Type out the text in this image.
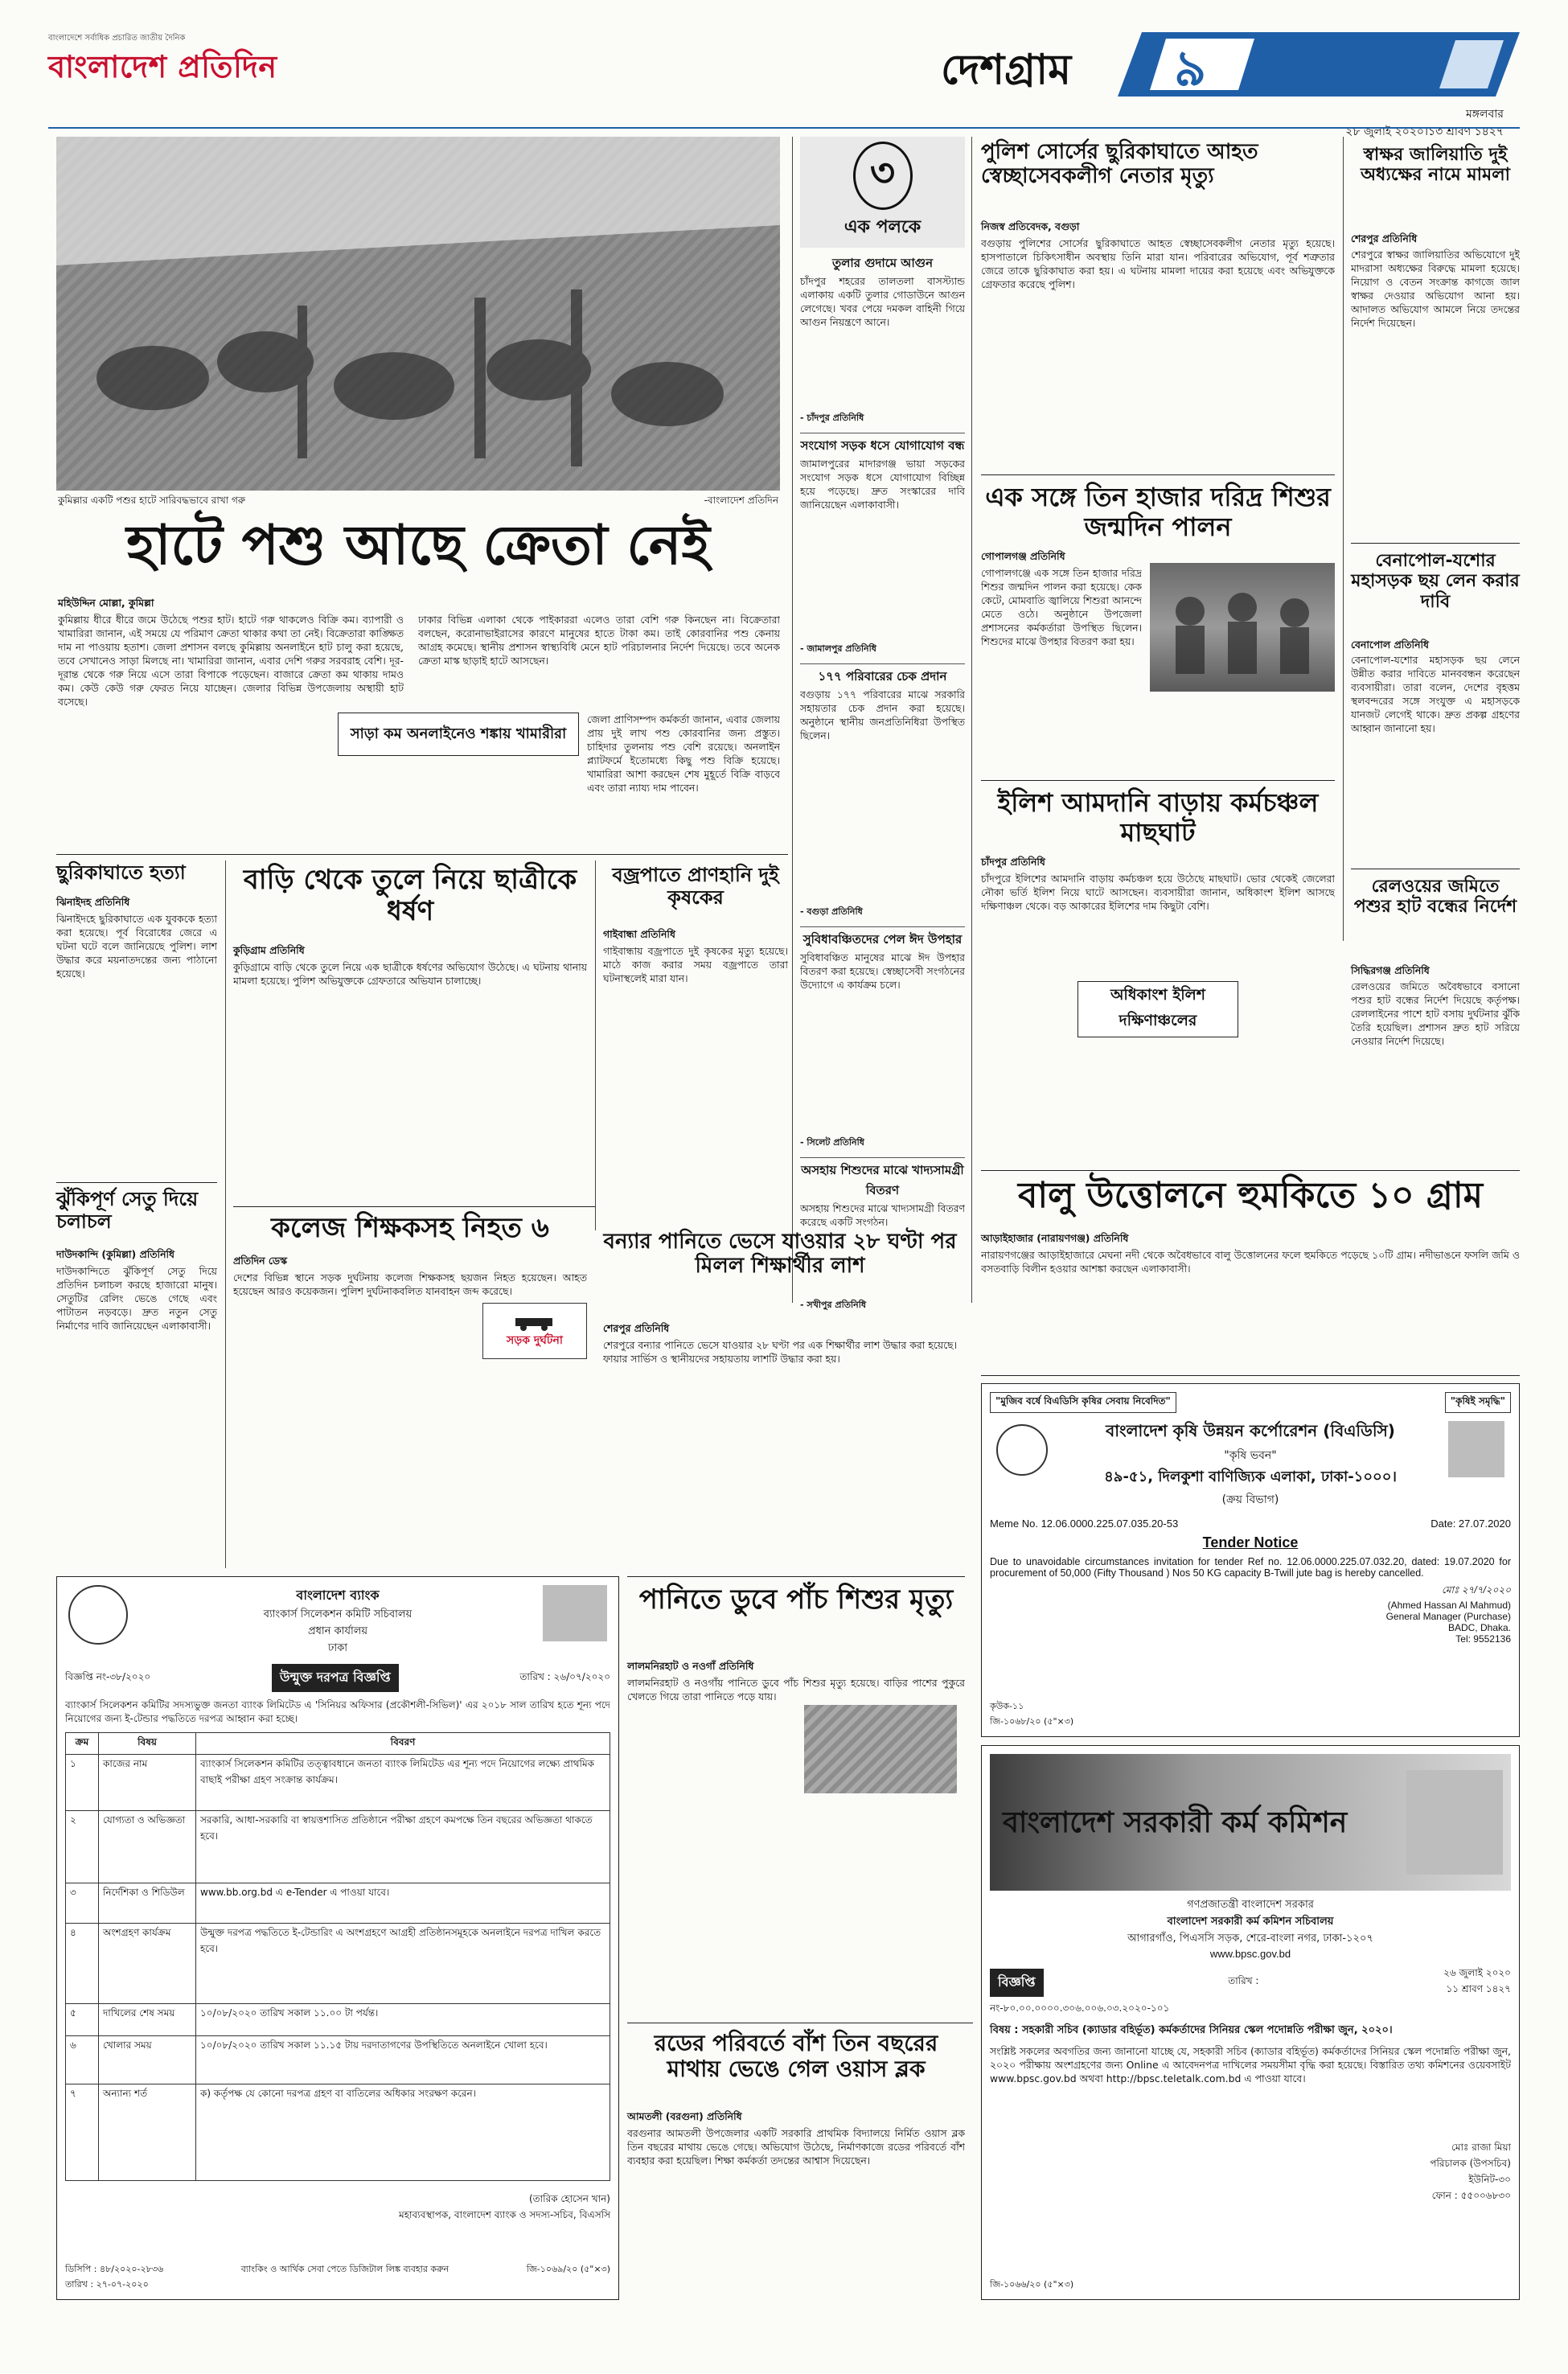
বাংলাদেশে সর্বাধিক প্রচারিত জাতীয় দৈনিক
বাংলাদেশ প্রতিদিন	দেশগ্রাম ৯
মঙ্গলবার
২৮ জুলাই ২০২০।১৩ শ্রাবণ ১৪২৭
কুমিল্লার একটি পশুর হাটে সারিবদ্ধভাবে রাখা গরু	-বাংলাদেশ প্রতিদিন
হাটে পশু আছে ক্রেতা নেই
মহিউদ্দিন মোল্লা, কুমিল্লা
কুমিল্লায় ধীরে ধীরে জমে উঠেছে পশুর হাট। হাটে গরু থাকলেও বিক্রি কম। ব্যাপারী ও খামারিরা জানান, এই সময়ে যে পরিমাণ ক্রেতা থাকার কথা তা নেই। বিক্রেতারা কাঙ্ক্ষিত দাম না পাওয়ায় হতাশ। জেলা প্রশাসন বলছে কুমিল্লায় অনলাইনে হাট চালু করা হয়েছে, তবে সেখানেও সাড়া মিলছে না। খামারিরা জানান, এবার দেশি গরুর সরবরাহ বেশি। দূর-দূরান্ত থেকে গরু নিয়ে এসে তারা বিপাকে পড়েছেন। বাজারে ক্রেতা কম থাকায় দামও কম। কেউ কেউ গরু ফেরত নিয়ে যাচ্ছেন। জেলার বিভিন্ন উপজেলায় অস্থায়ী হাট বসেছে।
ঢাকার বিভিন্ন এলাকা থেকে পাইকাররা এলেও তারা বেশি গরু কিনছেন না। বিক্রেতারা বলছেন, করোনাভাইরাসের কারণে মানুষের হাতে টাকা কম। তাই কোরবানির পশু কেনায় আগ্রহ কমেছে। স্থানীয় প্রশাসন স্বাস্থ্যবিধি মেনে হাট পরিচালনার নির্দেশ দিয়েছে। তবে অনেক ক্রেতা মাস্ক ছাড়াই হাটে আসছেন।
সাড়া কম অনলাইনেও শঙ্কায় খামারীরা
জেলা প্রাণিসম্পদ কর্মকর্তা জানান, এবার জেলায় প্রায় দুই লাখ পশু কোরবানির জন্য প্রস্তুত। চাহিদার তুলনায় পশু বেশি রয়েছে। অনলাইন প্ল্যাটফর্মে ইতোমধ্যে কিছু পশু বিক্রি হয়েছে। খামারিরা আশা করছেন শেষ মুহূর্তে বিক্রি বাড়বে এবং তারা ন্যায্য দাম পাবেন।
৩
এক পলকে
তুলার গুদামে আগুন
চাঁদপুর শহরের তালতলা বাসস্ট্যান্ড এলাকায় একটি তুলার গোডাউনে আগুন লেগেছে। খবর পেয়ে দমকল বাহিনী গিয়ে আগুন নিয়ন্ত্রণে আনে।
- চাঁদপুর প্রতিনিধি
সংযোগ সড়ক ধসে যোগাযোগ বন্ধ
জামালপুরের মাদারগঞ্জ ভায়া সড়কের সংযোগ সড়ক ধসে যোগাযোগ বিচ্ছিন্ন হয়ে পড়েছে। দ্রুত সংস্কারের দাবি জানিয়েছেন এলাকাবাসী।
- জামালপুর প্রতিনিধি
১৭৭ পরিবারের চেক প্রদান
বগুড়ায় ১৭৭ পরিবারের মাঝে সরকারি সহায়তার চেক প্রদান করা হয়েছে। অনুষ্ঠানে স্থানীয় জনপ্রতিনিধিরা উপস্থিত ছিলেন।
- বগুড়া প্রতিনিধি
সুবিধাবঞ্চিতদের পেল ঈদ উপহার
সুবিধাবঞ্চিত মানুষের মাঝে ঈদ উপহার বিতরণ করা হয়েছে। স্বেচ্ছাসেবী সংগঠনের উদ্যোগে এ কার্যক্রম চলে।
- সিলেট প্রতিনিধি
অসহায় শিশুদের মাঝে খাদ্যসামগ্রী বিতরণ
অসহায় শিশুদের মাঝে খাদ্যসামগ্রী বিতরণ করেছে একটি সংগঠন।
- সখীপুর প্রতিনিধি
পুলিশ সোর্সের ছুরিকাঘাতে আহত স্বেচ্ছাসেবকলীগ নেতার মৃত্যু
নিজস্ব প্রতিবেদক, বগুড়া
বগুড়ায় পুলিশের সোর্সের ছুরিকাঘাতে আহত স্বেচ্ছাসেবকলীগ নেতার মৃত্যু হয়েছে। হাসপাতালে চিকিৎসাধীন অবস্থায় তিনি মারা যান। পরিবারের অভিযোগ, পূর্ব শত্রুতার জেরে তাকে ছুরিকাঘাত করা হয়। এ ঘটনায় মামলা দায়ের করা হয়েছে এবং অভিযুক্তকে গ্রেফতার করেছে পুলিশ।
স্বাক্ষর জালিয়াতি দুই অধ্যক্ষের নামে মামলা
শেরপুর প্রতিনিধি
শেরপুরে স্বাক্ষর জালিয়াতির অভিযোগে দুই মাদরাসা অধ্যক্ষের বিরুদ্ধে মামলা হয়েছে। নিয়োগ ও বেতন সংক্রান্ত কাগজে জাল স্বাক্ষর দেওয়ার অভিযোগ আনা হয়। আদালত অভিযোগ আমলে নিয়ে তদন্তের নির্দেশ দিয়েছেন।
বেনাপোল-যশোর মহাসড়ক ছয় লেন করার দাবি
বেনাপোল প্রতিনিধি
বেনাপোল-যশোর মহাসড়ক ছয় লেনে উন্নীত করার দাবিতে মানববন্ধন করেছেন ব্যবসায়ীরা। তারা বলেন, দেশের বৃহত্তম স্থলবন্দরের সঙ্গে সংযুক্ত এ মহাসড়কে যানজট লেগেই থাকে। দ্রুত প্রকল্প গ্রহণের আহ্বান জানানো হয়।
এক সঙ্গে তিন হাজার দরিদ্র শিশুর জন্মদিন পালন
গোপালগঞ্জ প্রতিনিধি
গোপালগঞ্জে এক সঙ্গে তিন হাজার দরিদ্র শিশুর জন্মদিন পালন করা হয়েছে। কেক কেটে, মোমবাতি জ্বালিয়ে শিশুরা আনন্দে মেতে ওঠে। অনুষ্ঠানে উপজেলা প্রশাসনের কর্মকর্তারা উপস্থিত ছিলেন। শিশুদের মাঝে উপহার বিতরণ করা হয়।
রেলওয়ের জমিতে পশুর হাট বন্ধের নির্দেশ
সিদ্ধিরগঞ্জ প্রতিনিধি
রেলওয়ের জমিতে অবৈধভাবে বসানো পশুর হাট বন্ধের নির্দেশ দিয়েছে কর্তৃপক্ষ। রেললাইনের পাশে হাট বসায় দুর্ঘটনার ঝুঁকি তৈরি হয়েছিল। প্রশাসন দ্রুত হাট সরিয়ে নেওয়ার নির্দেশ দিয়েছে।
ইলিশ আমদানি বাড়ায় কর্মচঞ্চল মাছঘাট
চাঁদপুর প্রতিনিধি
চাঁদপুরে ইলিশের আমদানি বাড়ায় কর্মচঞ্চল হয়ে উঠেছে মাছঘাট। ভোর থেকেই জেলেরা নৌকা ভর্তি ইলিশ নিয়ে ঘাটে আসছেন। ব্যবসায়ীরা জানান, অধিকাংশ ইলিশ আসছে দক্ষিণাঞ্চল থেকে। বড় আকারের ইলিশের দাম কিছুটা বেশি।
অধিকাংশ ইলিশ দক্ষিণাঞ্চলের
বালু উত্তোলনে হুমকিতে ১০ গ্রাম
আড়াইহাজার (নারায়ণগঞ্জ) প্রতিনিধি
নারায়ণগঞ্জের আড়াইহাজারে মেঘনা নদী থেকে অবৈধভাবে বালু উত্তোলনের ফলে হুমকিতে পড়েছে ১০টি গ্রাম। নদীভাঙনে ফসলি জমি ও বসতবাড়ি বিলীন হওয়ার আশঙ্কা করছেন এলাকাবাসী।
ছুরিকাঘাতে হত্যা
ঝিনাইদহ প্রতিনিধি
ঝিনাইদহে ছুরিকাঘাতে এক যুবককে হত্যা করা হয়েছে। পূর্ব বিরোধের জেরে এ ঘটনা ঘটে বলে জানিয়েছে পুলিশ। লাশ উদ্ধার করে ময়নাতদন্তের জন্য পাঠানো হয়েছে।
ঝুঁকিপূর্ণ সেতু দিয়ে চলাচল
দাউদকান্দি (কুমিল্লা) প্রতিনিধি
দাউদকান্দিতে ঝুঁকিপূর্ণ সেতু দিয়ে প্রতিদিন চলাচল করছে হাজারো মানুষ। সেতুটির রেলিং ভেঙে গেছে এবং পাটাতন নড়বড়ে। দ্রুত নতুন সেতু নির্মাণের দাবি জানিয়েছেন এলাকাবাসী।
বাড়ি থেকে তুলে নিয়ে ছাত্রীকে ধর্ষণ
কুড়িগ্রাম প্রতিনিধি
কুড়িগ্রামে বাড়ি থেকে তুলে নিয়ে এক ছাত্রীকে ধর্ষণের অভিযোগ উঠেছে। এ ঘটনায় থানায় মামলা হয়েছে। পুলিশ অভিযুক্তকে গ্রেফতারে অভিযান চালাচ্ছে।
বজ্রপাতে প্রাণহানি দুই কৃষকের
গাইবান্ধা প্রতিনিধি
গাইবান্ধায় বজ্রপাতে দুই কৃষকের মৃত্যু হয়েছে। মাঠে কাজ করার সময় বজ্রপাতে তারা ঘটনাস্থলেই মারা যান।
কলেজ শিক্ষকসহ নিহত ৬
প্রতিদিন ডেস্ক
দেশের বিভিন্ন স্থানে সড়ক দুর্ঘটনায় কলেজ শিক্ষকসহ ছয়জন নিহত হয়েছেন। আহত হয়েছেন আরও কয়েকজন। পুলিশ দুর্ঘটনাকবলিত যানবাহন জব্দ করেছে।
সড়ক দুর্ঘটনা
বন্যার পানিতে ভেসে যাওয়ার ২৮ ঘণ্টা পর মিলল শিক্ষার্থীর লাশ
শেরপুর প্রতিনিধি
শেরপুরে বন্যার পানিতে ভেসে যাওয়ার ২৮ ঘণ্টা পর এক শিক্ষার্থীর লাশ উদ্ধার করা হয়েছে। ফায়ার সার্ভিস ও স্থানীয়দের সহায়তায় লাশটি উদ্ধার করা হয়।
বাংলাদেশ ব্যাংক
ব্যাংকার্স সিলেকশন কমিটি সচিবালয়
প্রধান কার্যালয়
ঢাকা
বিজ্ঞপ্তি নং-৩৮/২০২০	উন্মুক্ত দরপত্র বিজ্ঞপ্তি	তারিখ : ২৬/০৭/২০২০
ব্যাংকার্স সিলেকশন কমিটির সদস্যভুক্ত জনতা ব্যাংক লিমিটেড এ 'সিনিয়র অফিসার (প্রকৌশলী-সিভিল)' এর ২০১৮ সাল তারিখ হতে শূন্য পদে নিয়োগের জন্য ই-টেন্ডার পদ্ধতিতে দরপত্র আহ্বান করা হচ্ছে।
ক্রম	বিষয়	বিবরণ
১	কাজের নাম	ব্যাংকার্স সিলেকশন কমিটির তত্ত্বাবধানে জনতা ব্যাংক লিমিটেড এর শূন্য পদে নিয়োগের লক্ষ্যে প্রাথমিক বাছাই পরীক্ষা গ্রহণ সংক্রান্ত কার্যক্রম।
২	যোগ্যতা ও অভিজ্ঞতা	সরকারি, আধা-সরকারি বা স্বায়ত্তশাসিত প্রতিষ্ঠানে পরীক্ষা গ্রহণে কমপক্ষে তিন বছরের অভিজ্ঞতা থাকতে হবে।
৩	নির্দেশিকা ও শিডিউল	www.bb.org.bd এ e-Tender এ পাওয়া যাবে।
৪	অংশগ্রহণ কার্যক্রম	উন্মুক্ত দরপত্র পদ্ধতিতে ই-টেন্ডারিং এ অংশগ্রহণে আগ্রহী প্রতিষ্ঠানসমূহকে অনলাইনে দরপত্র দাখিল করতে হবে।
৫	দাখিলের শেষ সময়	১০/০৮/২০২০ তারিখ সকাল ১১.০০ টা পর্যন্ত।
৬	খোলার সময়	১০/০৮/২০২০ তারিখ সকাল ১১.১৫ টায় দরদাতাগণের উপস্থিতিতে অনলাইনে খোলা হবে।
৭	অন্যান্য শর্ত	ক) কর্তৃপক্ষ যে কোনো দরপত্র গ্রহণ বা বাতিলের অধিকার সংরক্ষণ করেন।
(তারিক হোসেন খান)
মহাব্যবস্থাপক, বাংলাদেশ ব্যাংক ও সদস্য-সচিব, বিএসসি
ডিসিপি : ৪৮/২০২০-২৮৩৬
তারিখ : ২৭-০৭-২০২০
ব্যাংকিং ও আর্থিক সেবা পেতে ডিজিটাল লিঙ্ক ব্যবহার করুন	জি-১০৬৯/২০ (৫"×৩)
পানিতে ডুবে পাঁচ শিশুর মৃত্যু
লালমনিরহাট ও নওগাঁ প্রতিনিধি
লালমনিরহাট ও নওগাঁয় পানিতে ডুবে পাঁচ শিশুর মৃত্যু হয়েছে। বাড়ির পাশের পুকুরে খেলতে গিয়ে তারা পানিতে পড়ে যায়।
রডের পরিবর্তে বাঁশ তিন বছরের মাথায় ভেঙে গেল ওয়াস ব্লক
আমতলী (বরগুনা) প্রতিনিধি
বরগুনার আমতলী উপজেলার একটি সরকারি প্রাথমিক বিদ্যালয়ে নির্মিত ওয়াস ব্লক তিন বছরের মাথায় ভেঙে গেছে। অভিযোগ উঠেছে, নির্মাণকাজে রডের পরিবর্তে বাঁশ ব্যবহার করা হয়েছিল। শিক্ষা কর্মকর্তা তদন্তের আশ্বাস দিয়েছেন।
"মুজিব বর্ষে বিএডিসি কৃষির সেবায় নিবেদিত"	"কৃষিই সমৃদ্ধি"
বাংলাদেশ কৃষি উন্নয়ন কর্পোরেশন (বিএডিসি)
"কৃষি ভবন"
৪৯-৫১, দিলকুশা বাণিজ্যিক এলাকা, ঢাকা-১০০০।
(ক্রয় বিভাগ)
Meme No. 12.06.0000.225.07.035.20-53	Date: 27.07.2020
Tender Notice
Due to unavoidable circumstances invitation for tender Ref no. 12.06.0000.225.07.032.20, dated: 19.07.2020 for procurement of 50,000 (Fifty Thousand ) Nos 50 KG capacity B-Twill jute bag is hereby cancelled.
মোঃ ২৭/৭/২০২০
(Ahmed Hassan Al Mahmud)
General Manager (Purchase)
BADC, Dhaka.
Tel: 9552136
কৃউক-১১
জি-১০৬৮/২০ (৫"×৩)
বাংলাদেশ সরকারী কর্ম কমিশন
গণপ্রজাতন্ত্রী বাংলাদেশ সরকার
বাংলাদেশ সরকারী কর্ম কমিশন সচিবালয়
আগারগাঁও, পিএসসি সড়ক, শেরে-বাংলা নগর, ঢাকা-১২০৭
www.bpsc.gov.bd
বিজ্ঞপ্তি	তারিখ :
২৬ জুলাই ২০২০
১১ শ্রাবণ ১৪২৭
নং-৮০.০০.০০০০.৩০৬.০০৬.০৩.২০২০-১০১
বিষয় : সহকারী সচিব (ক্যাডার বহির্ভূত) কর্মকর্তাদের সিনিয়র স্কেল পদোন্নতি পরীক্ষা জুন, ২০২০।
সংশ্লিষ্ট সকলের অবগতির জন্য জানানো যাচ্ছে যে, সহকারী সচিব (ক্যাডার বহির্ভূত) কর্মকর্তাদের সিনিয়র স্কেল পদোন্নতি পরীক্ষা জুন, ২০২০ পরীক্ষায় অংশগ্রহণের জন্য Online এ আবেদনপত্র দাখিলের সময়সীমা বৃদ্ধি করা হয়েছে। বিস্তারিত তথ্য কমিশনের ওয়েবসাইট www.bpsc.gov.bd অথবা http://bpsc.teletalk.com.bd এ পাওয়া যাবে।
মোঃ রাজা মিয়া
পরিচালক (উপসচিব)
ইউনিট-৩০
ফোন : ৫৫০০৬৮৩০
জি-১০৬৬/২০ (৫"×৩)
